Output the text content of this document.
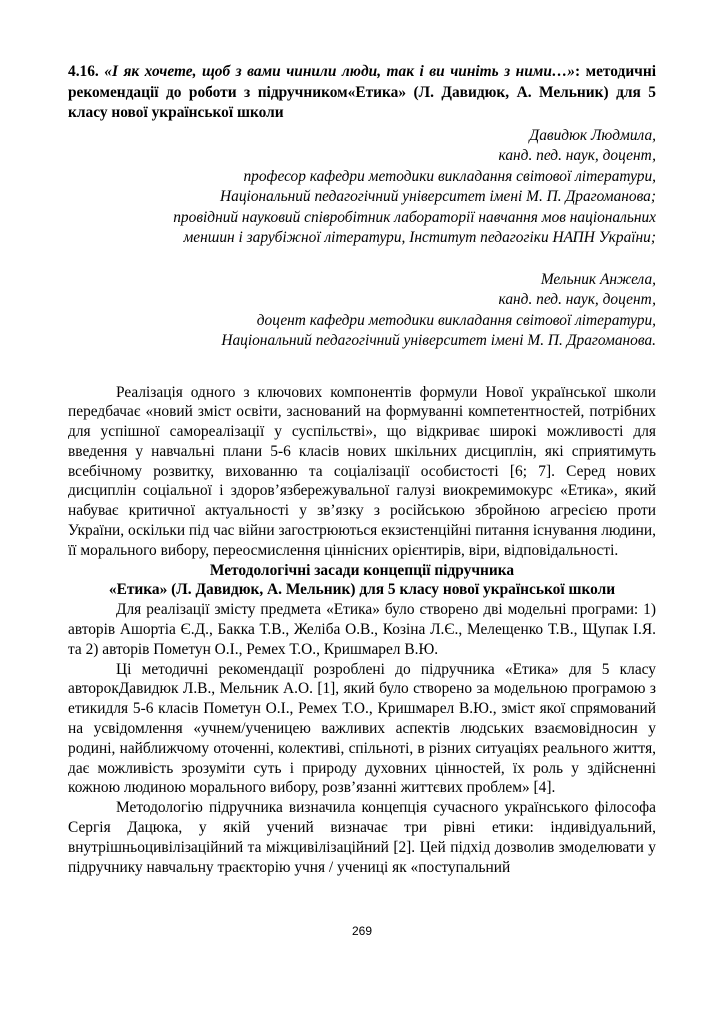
4.16. «І як хочете, щоб з вами чинили люди, так і ви чиніть з ними…»: методичні рекомендації до роботи з підручником«Етика» (Л. Давидюк, А. Мельник) для 5 класу нової української школи

Давидюк Людмила,

канд. пед. наук, доцент,

професор кафедри методики викладання світової літератури,

Національний педагогічний університет імені М. П. Драгоманова;

провідний науковий співробітник лабораторії навчання мов національних

меншин і зарубіжної літератури, Інститут педагогіки НАПН України;

Мельник Анжела,

канд. пед. наук, доцент,

доцент кафедри методики викладання світової літератури,

Національний педагогічний університет імені М. П. Драгоманова.

Реалізація одного з ключових компонентів формули Нової української школи передбачає «новий зміст освіти, заснований на формуванні компетентностей, потрібних для успішної самореалізації у суспільстві», що відкриває широкі можливості для введення у навчальні плани 5-6 класів нових шкільних дисциплін, які сприятимуть всебічному розвитку, вихованню та соціалізації особистості [6; 7]. Серед нових дисциплін соціальної і здоров’язбережувальної галузі виокремимокурс «Етика», який набуває критичної актуальності у зв’язку з російською збройною агресією проти України, оскільки під час війни загострюються екзистенційні питання існування людини, її морального вибору, переосмислення ціннісних орієнтирів, віри, відповідальності.

Методологічні засади концепції підручника

«Етика» (Л. Давидюк, А. Мельник) для 5 класу нової української школи

Для реалізації змісту предмета «Етика» було створено дві модельні програми: 1) авторів Ашортіа Є.Д., Бакка Т.В., Желіба О.В., Козіна Л.Є., Мелещенко Т.В., Щупак І.Я. та 2) авторів Пометун О.І., Ремех Т.О., Кришмарел В.Ю.

Ці методичні рекомендації розроблені до підручника «Етика» для 5 класу авторокДавидюк Л.В., Мельник А.О. [1], який було створено за модельною програмою з етикидля 5-6 класів Пометун О.І., Ремех Т.О., Кришмарел В.Ю., зміст якої спрямований на усвідомлення «учнем/ученицею важливих аспектів людських взаємовідносин у родині, найближчому оточенні, колективі, спільноті, в різних ситуаціях реального життя, дає можливість зрозуміти суть і природу духовних цінностей, їх роль у здійсненні кожною людиною морального вибору, розв’язанні життєвих проблем» [4].

Методологію підручника визначила концепція сучасного українського філософа Сергія Дацюка, у якій учений визначає три рівні етики: індивідуальний, внутрішньоцивілізаційний та міжцивілізаційний [2]. Цей підхід дозволив змоделювати у підручнику навчальну траєкторію учня / учениці як «поступальний

269
